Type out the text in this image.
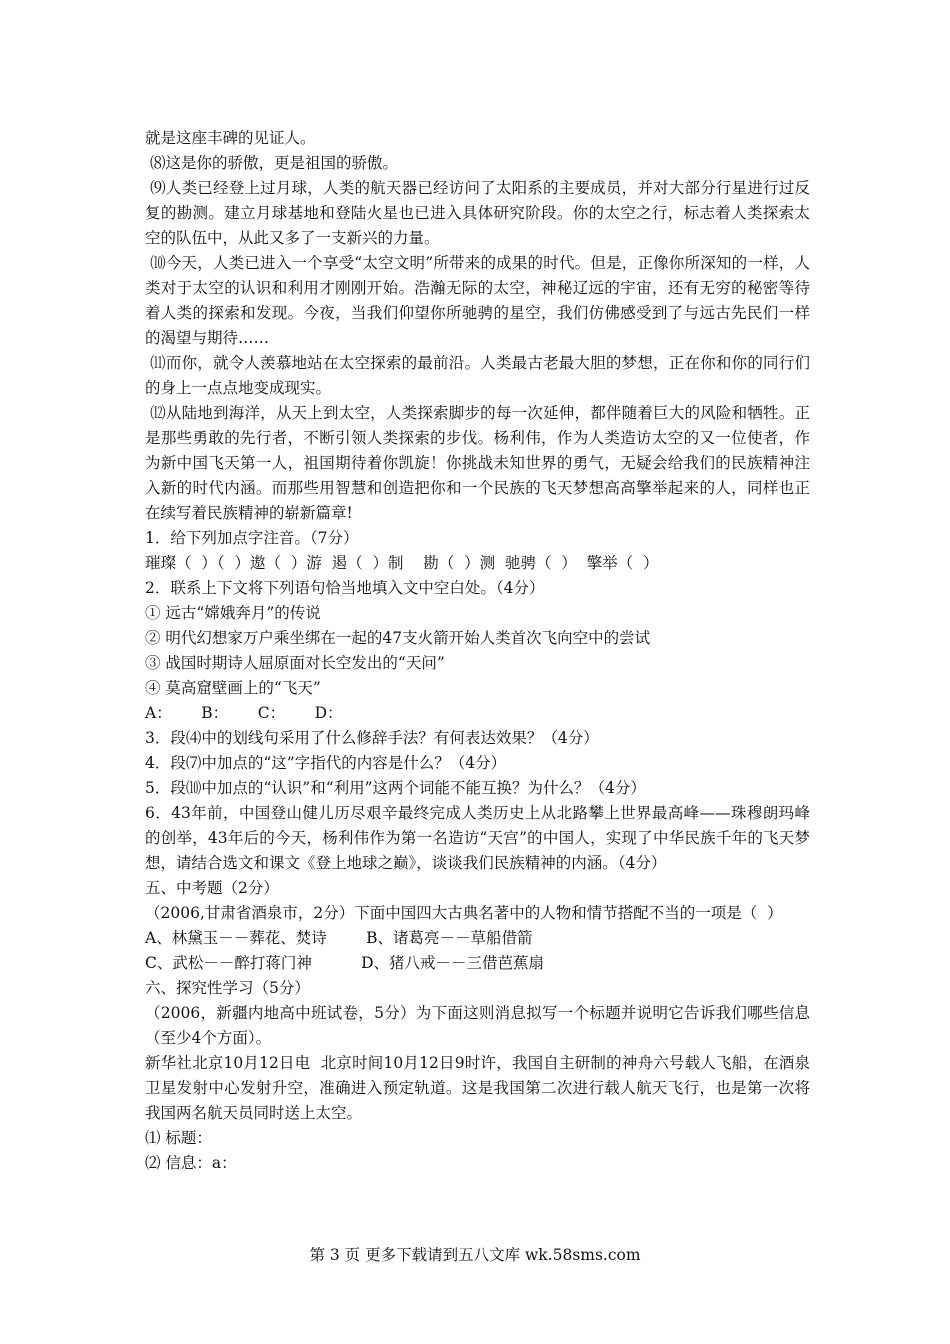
就是这座丰碑的见证人。

⑻这是你的骄傲，更是祖国的骄傲。

⑼人类已经登上过月球，人类的航天器已经访问了太阳系的主要成员，并对大部分行星进行过反复的勘测。建立月球基地和登陆火星也已进入具体研究阶段。你的太空之行，标志着人类探索太空的队伍中，从此又多了一支新兴的力量。

⑽今天，人类已进入一个享受“太空文明”所带来的成果的时代。但是，正像你所深知的一样，人类对于太空的认识和利用才刚刚开始。浩瀚无际的太空，神秘辽远的宇宙，还有无穷的秘密等待着人类的探索和发现。今夜，当我们仰望你所驰骋的星空，我们仿佛感受到了与远古先民们一样的渴望与期待……

⑾而你，就令人羡慕地站在太空探索的最前沿。人类最古老最大胆的梦想，正在你和你的同行们的身上一点点地变成现实。

⑿从陆地到海洋，从天上到太空，人类探索脚步的每一次延伸，都伴随着巨大的风险和牺牲。正是那些勇敢的先行者，不断引领人类探索的步伐。杨利伟，作为人类造访太空的又一位使者，作为新中国飞天第一人，祖国期待着你凯旋！你挑战未知世界的勇气，无疑会给我们的民族精神注入新的时代内涵。而那些用智慧和创造把你和一个民族的飞天梦想高高擎举起来的人，同样也正在续写着民族精神的崭新篇章!

1．给下列加点字注音。（7分）

璀璨（  ）（  ）遨（  ）游  遏（  ）制    勘（  ）测  驰骋（  ）  擎举（  ）

2．联系上下文将下列语句恰当地填入文中空白处。（4分）

① 远古“嫦娥奔月”的传说

② 明代幻想家万户乘坐绑在一起的47支火箭开始人类首次飞向空中的尝试

③ 战国时期诗人屈原面对长空发出的“天问”

④ 莫高窟壁画上的“飞天”

A：      B：      C：      D：

3．段⑷中的划线句采用了什么修辞手法？有何表达效果？（4分）

4．段⑺中加点的“这”字指代的内容是什么？（4分）

5．段⑽中加点的“认识”和“利用”这两个词能不能互换？为什么？（4分）

6．43年前，中国登山健儿历尽艰辛最终完成人类历史上从北路攀上世界最高峰——珠穆朗玛峰的创举，43年后的今天，杨利伟作为第一名造访“天宫”的中国人，实现了中华民族千年的飞天梦想，请结合选文和课文《登上地球之巅》，谈谈我们民族精神的内涵。（4分）

五、中考题（2分）

（2006,甘肃省酒泉市，2分）下面中国四大古典名著中的人物和情节搭配不当的一项是（  ）

A、林黛玉－－葬花、焚诗        B、诸葛亮－－草船借箭

C、武松－－醉打蒋门神          D、猪八戒－－三借芭蕉扇

六、探究性学习（5分）

（2006，新疆内地高中班试卷，5分）为下面这则消息拟写一个标题并说明它告诉我们哪些信息（至少4个方面）。

新华社北京10月12日电  北京时间10月12日9时许，我国自主研制的神舟六号载人飞船，在酒泉卫星发射中心发射升空，准确进入预定轨道。这是我国第二次进行载人航天飞行，也是第一次将我国两名航天员同时送上太空。

⑴ 标题：

⑵ 信息：a：

第 3 页 更多下载请到五八文库 wk.58sms.com
